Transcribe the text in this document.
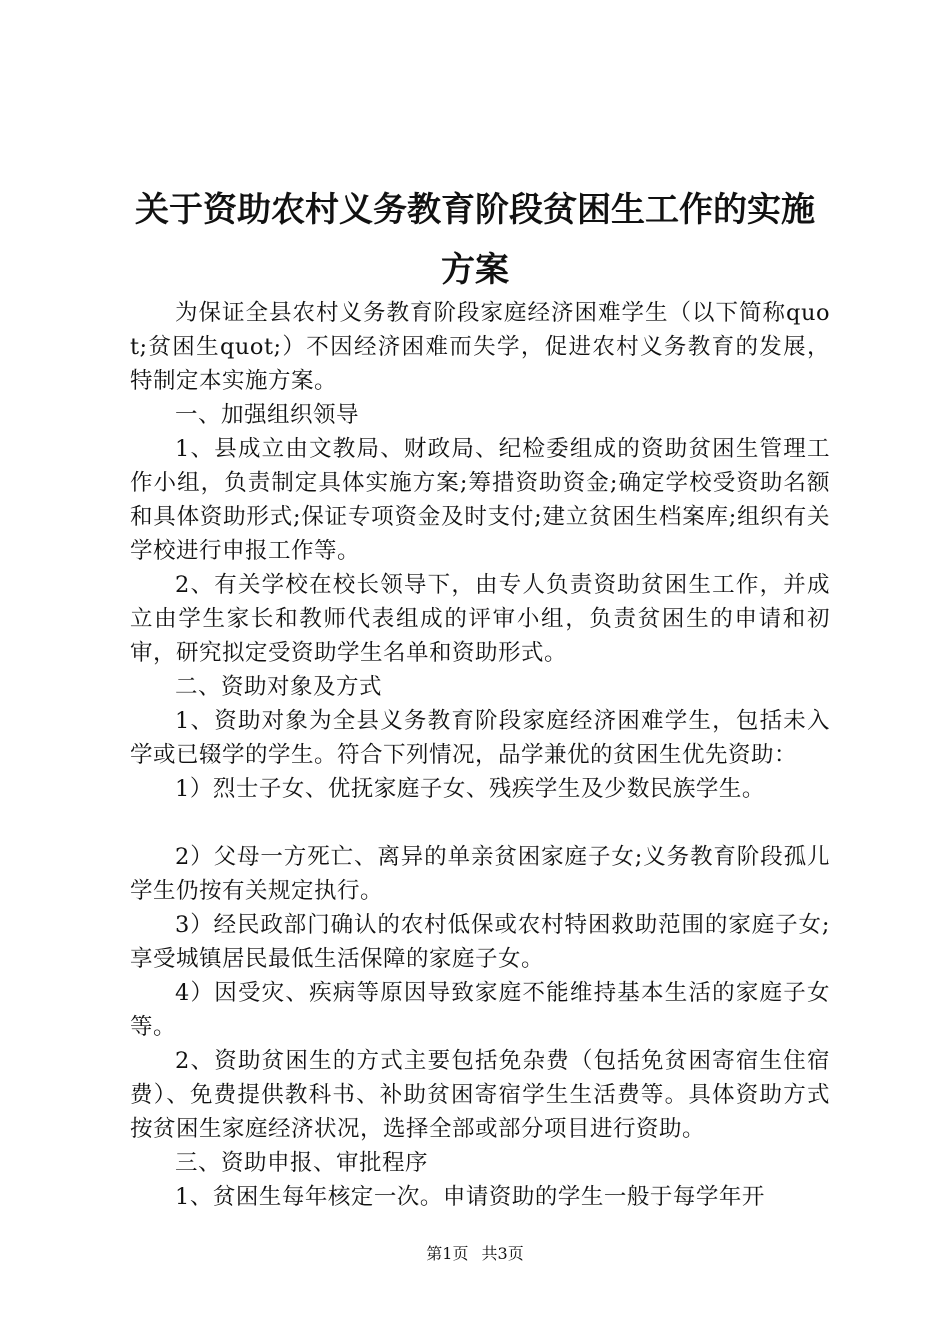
关于资助农村义务教育阶段贫困生工作的实施
方案

为保证全县农村义务教育阶段家庭经济困难学生（以下简称quot;贫困生quot;）不因经济困难而失学，促进农村义务教育的发展，特制定本实施方案。

一、加强组织领导

1、县成立由文教局、财政局、纪检委组成的资助贫困生管理工作小组，负责制定具体实施方案;筹措资助资金;确定学校受资助名额和具体资助形式;保证专项资金及时支付;建立贫困生档案库;组织有关学校进行申报工作等。

2、有关学校在校长领导下，由专人负责资助贫困生工作，并成立由学生家长和教师代表组成的评审小组，负责贫困生的申请和初审，研究拟定受资助学生名单和资助形式。

二、资助对象及方式

1、资助对象为全县义务教育阶段家庭经济困难学生，包括未入学或已辍学的学生。符合下列情况，品学兼优的贫困生优先资助：

1）烈士子女、优抚家庭子女、残疾学生及少数民族学生。

2）父母一方死亡、离异的单亲贫困家庭子女;义务教育阶段孤儿学生仍按有关规定执行。

3）经民政部门确认的农村低保或农村特困救助范围的家庭子女;享受城镇居民最低生活保障的家庭子女。

4）因受灾、疾病等原因导致家庭不能维持基本生活的家庭子女等。

2、资助贫困生的方式主要包括免杂费（包括免贫困寄宿生住宿费）、免费提供教科书、补助贫困寄宿学生生活费等。具体资助方式按贫困生家庭经济状况，选择全部或部分项目进行资助。

三、资助申报、审批程序

1、贫困生每年核定一次。申请资助的学生一般于每学年开

第1页 共3页
